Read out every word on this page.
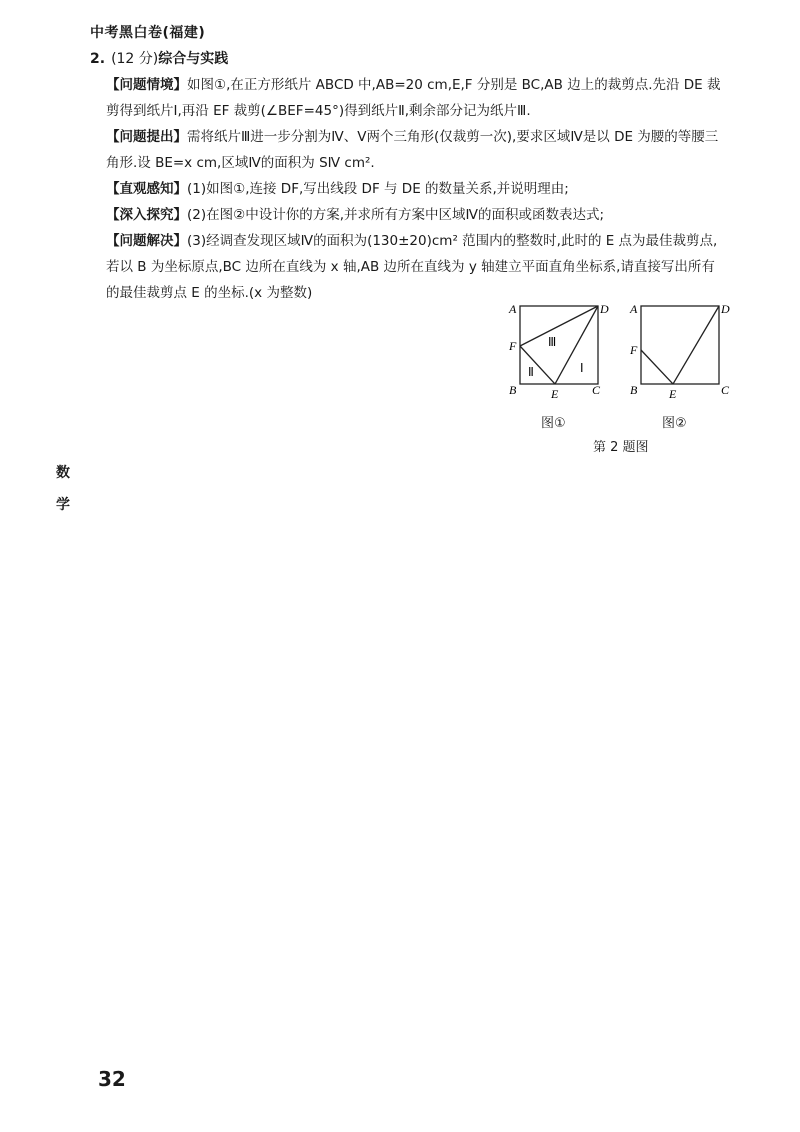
中考黑白卷(福建)
2. (12 分)综合与实践

【问题情境】如图①,在正方形纸片 ABCD 中,AB=20 cm,E,F 分别是 BC,AB 边上的裁剪点.先沿 DE 裁剪得到纸片Ⅰ,再沿 EF 裁剪(∠BEF=45°)得到纸片Ⅱ,剩余部分记为纸片Ⅲ.

【问题提出】需将纸片Ⅲ进一步分割为Ⅳ、Ⅴ两个三角形(仅裁剪一次),要求区域Ⅳ是以 DE 为腰的等腰三角形.设 BE=x cm,区域Ⅳ的面积为 SⅣ cm².

【直观感知】(1)如图①,连接 DF,写出线段 DF 与 DE 的数量关系,并说明理由;

【深入探究】(2)在图②中设计你的方案,并求所有方案中区域Ⅳ的面积或函数表达式;

【问题解决】(3)经调查发现区域Ⅳ的面积为(130±20)cm² 范围内的整数时,此时的 E 点为最佳裁剪点,若以 B 为坐标原点,BC 边所在直线为 x 轴,AB 边所在直线为 y 轴建立平面直角坐标系,请直接写出所有的最佳裁剪点 E 的坐标.(x 为整数)

A	D
F
B	E	C
Ⅲ
Ⅰ
Ⅱ
A	D
F
B	E	C
图①	图②
第 2 题图
数
学
32
